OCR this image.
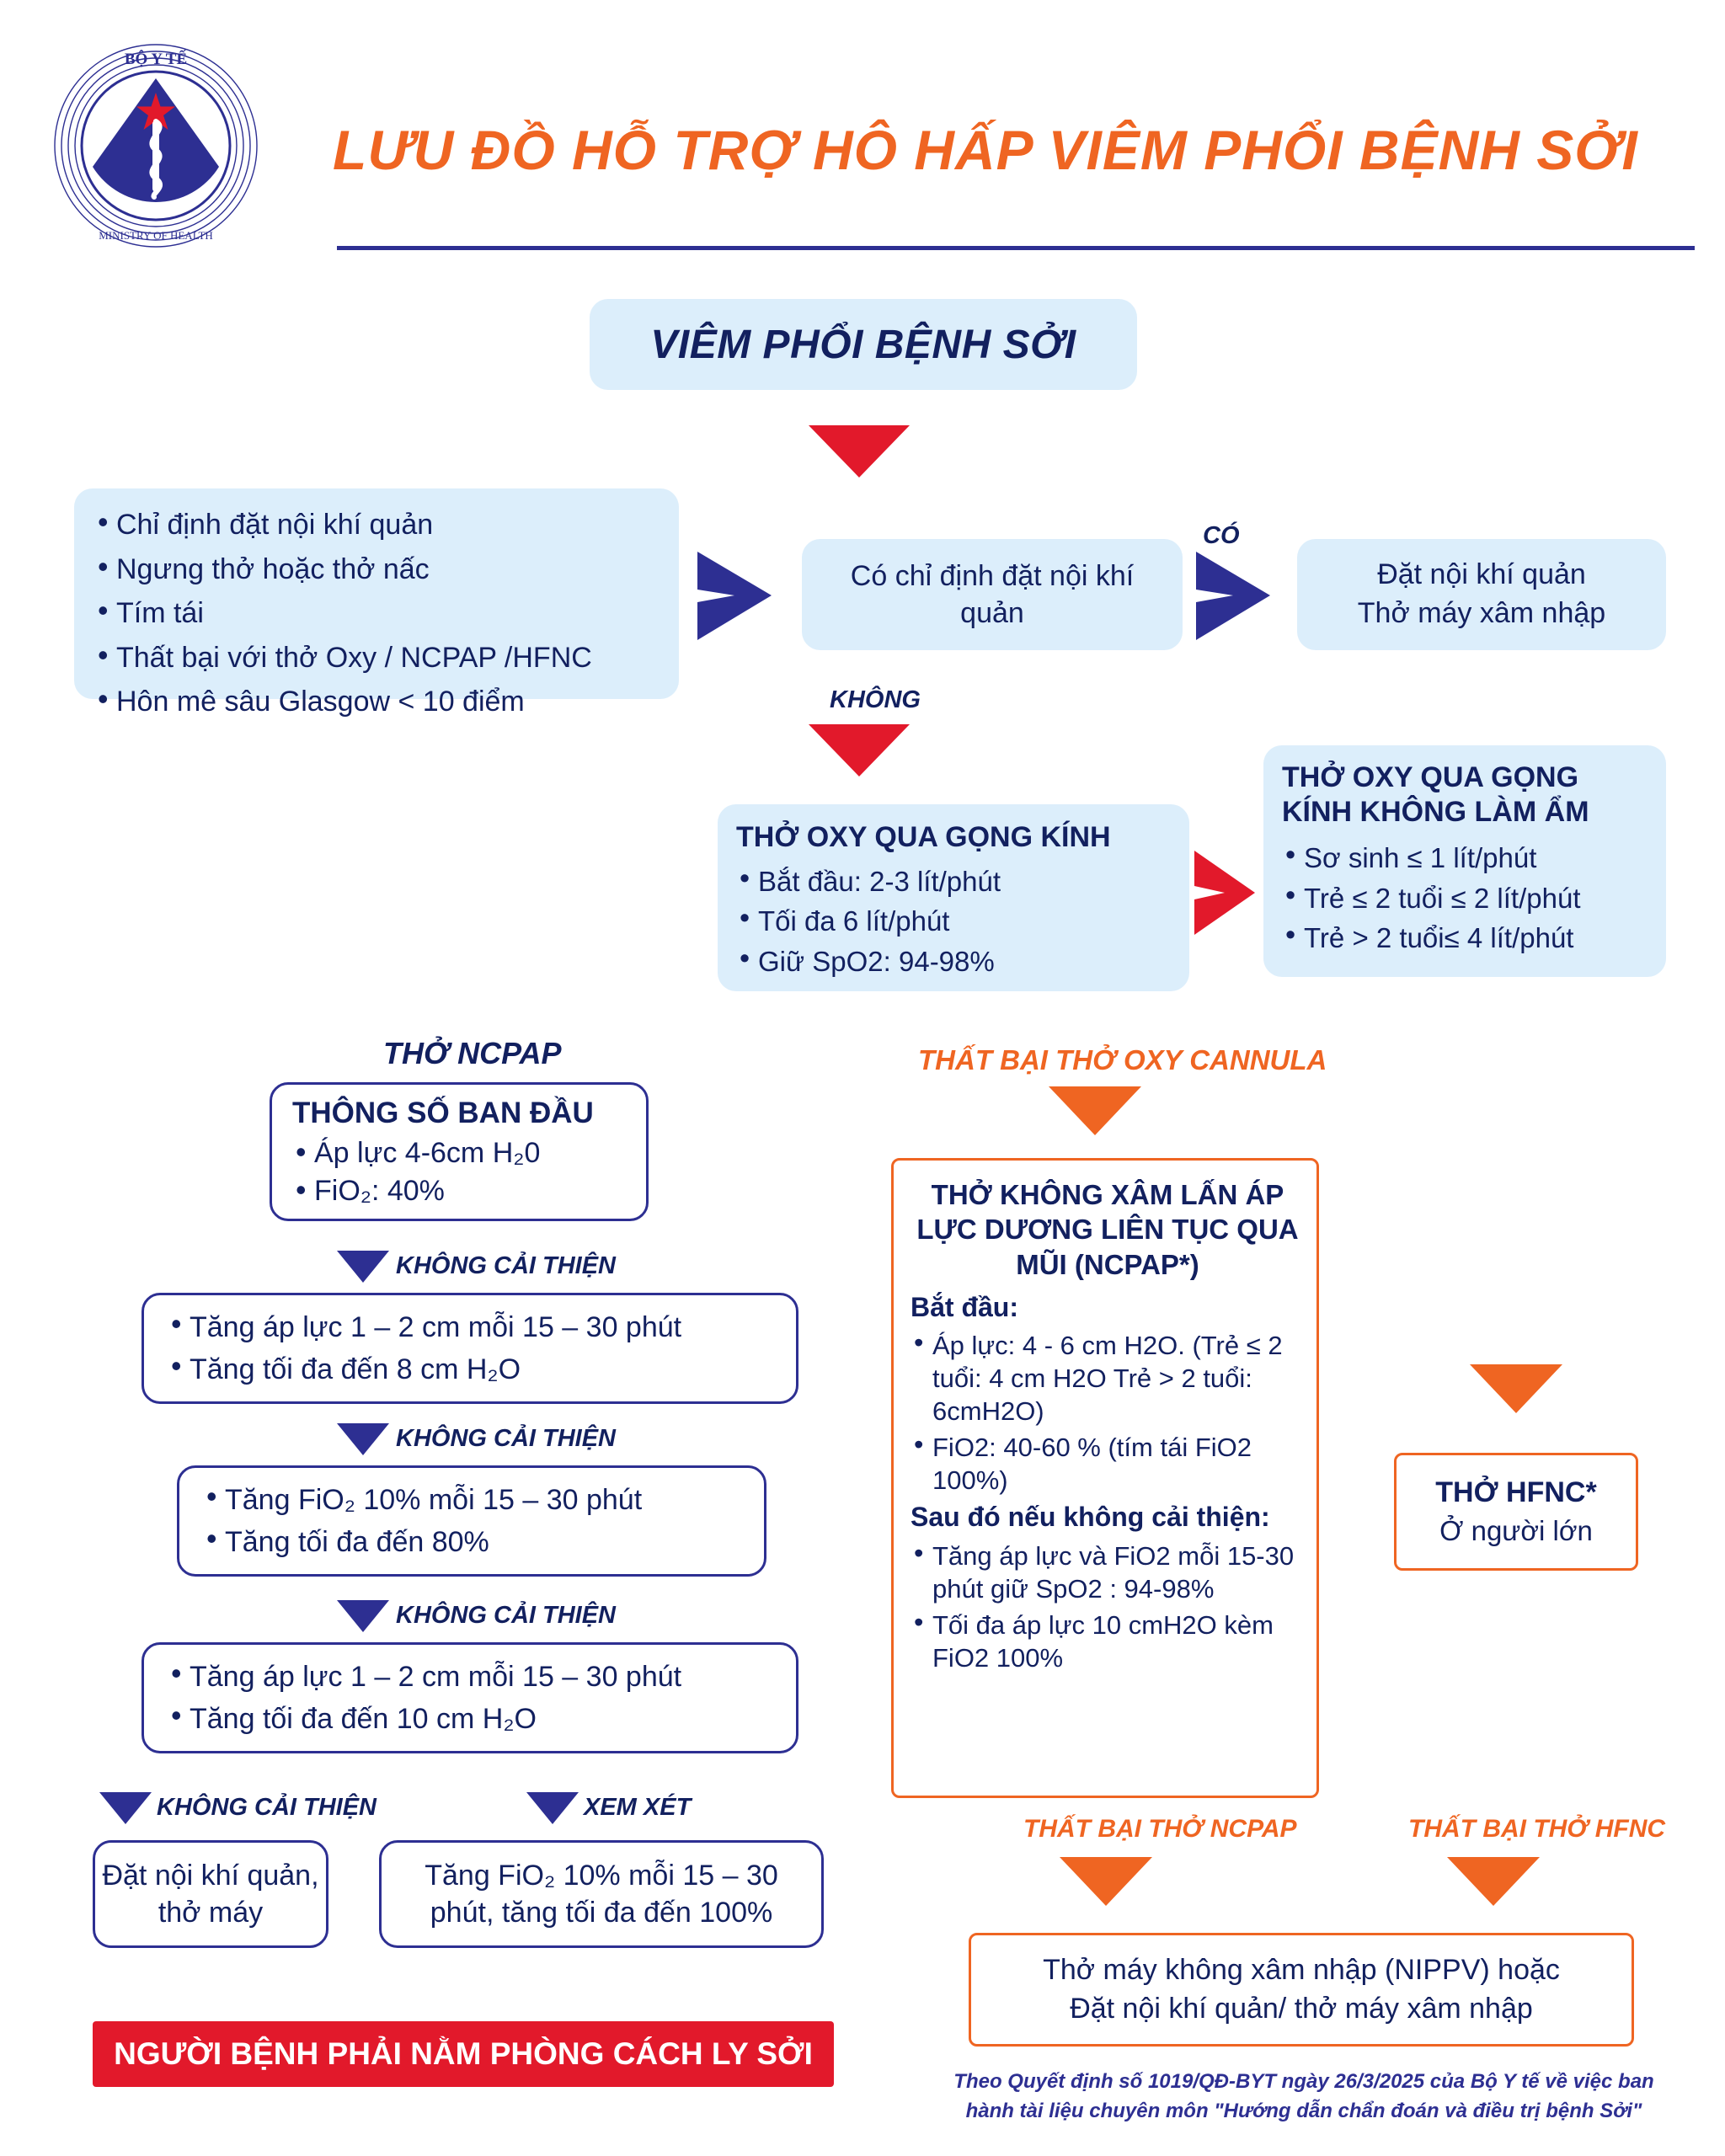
BỘ Y TẾ
MINISTRY OF HEALTH
LƯU ĐỒ HỖ TRỢ HÔ HẤP VIÊM PHỔI BỆNH SỞI
VIÊM PHỔI BỆNH SỞI
• Chỉ định đặt nội khí quản
• Ngưng thở hoặc thở nấc
• Tím tái
• Thất bại với thở Oxy / NCPAP /HFNC
• Hôn mê sâu Glasgow < 10 điểm
Có chỉ định đặt nội khí quản
CÓ
Đặt nội khí quản
Thở máy xâm nhập
KHÔNG
THỞ OXY QUA GỌNG KÍNH
• Bắt đầu: 2-3 lít/phút
• Tối đa 6 lít/phút
• Giữ SpO2: 94-98%
THỞ OXY QUA GỌNG KÍNH KHÔNG LÀM ẨM
• Sơ sinh ≤ 1 lít/phút
• Trẻ ≤ 2 tuổi ≤ 2 lít/phút
• Trẻ > 2 tuổi≤ 4 lít/phút
THỞ NCPAP
THÔNG SỐ BAN ĐẦU
• Áp lực 4-6cm H₂0
• FiO₂: 40%
KHÔNG CẢI THIỆN
• Tăng áp lực 1 – 2 cm mỗi 15 – 30 phút
• Tăng tối đa đến 8 cm H₂O
KHÔNG CẢI THIỆN
• Tăng FiO₂ 10% mỗi 15 – 30 phút
• Tăng tối đa đến 80%
KHÔNG CẢI THIỆN
• Tăng áp lực 1 – 2 cm mỗi 15 – 30 phút
• Tăng tối đa đến 10 cm H₂O
KHÔNG CẢI THIỆN	XEM XÉT
Đặt nội khí quản, thở máy
Tăng FiO₂ 10% mỗi 15 – 30 phút, tăng tối đa đến 100%
NGƯỜI BỆNH PHẢI NẰM PHÒNG CÁCH LY SỞI
THẤT BẠI THỞ OXY CANNULA
THỞ KHÔNG XÂM LẤN ÁP LỰC DƯƠNG LIÊN TỤC QUA MŨI (NCPAP*)
Bắt đầu:
• Áp lực: 4 - 6 cm H2O. (Trẻ ≤ 2 tuổi: 4 cm H2O Trẻ > 2 tuổi: 6cmH2O)
• FiO2: 40-60 % (tím tái FiO2 100%)
Sau đó nếu không cải thiện:
• Tăng áp lực và FiO2 mỗi 15-30 phút giữ SpO2 : 94-98%
• Tối đa áp lực 10 cmH2O kèm FiO2 100%
THỞ HFNC*
Ở người lớn
THẤT BẠI THỞ NCPAP	THẤT BẠI THỞ HFNC
Thở máy không xâm nhập (NIPPV) hoặc
Đặt nội khí quản/ thở máy xâm nhập
Theo Quyết định số 1019/QĐ-BYT ngày 26/3/2025 của Bộ Y tế về việc ban
hành tài liệu chuyên môn "Hướng dẫn chẩn đoán và điều trị bệnh Sởi"
